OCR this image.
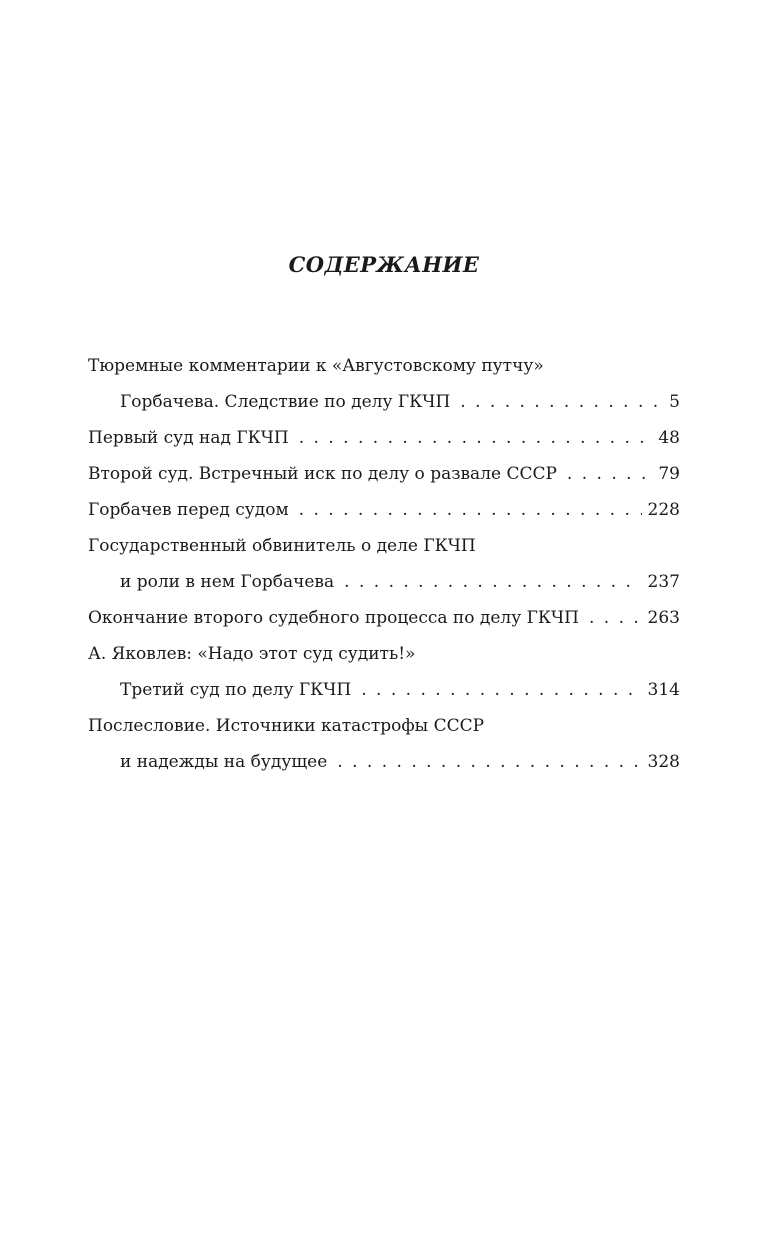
СОДЕРЖАНИЕ
Тюремные комментарии к «Августовскому путчу»
Горбачева. Следствие по делу ГКЧП . . .	5
Первый суд над ГКЧП . . .	48
Второй суд. Встречный иск по делу о развале СССР . . .	79
Горбачев перед судом . . .	228
Государственный обвинитель о деле ГКЧП
и роли в нем Горбачева . . .	237
Окончание второго судебного процесса по делу ГКЧП . . .	263
А. Яковлев: «Надо этот суд судить!»
Третий суд по делу ГКЧП . . .	314
Послесловие. Источники катастрофы СССР
и надежды на будущее . . .	328
